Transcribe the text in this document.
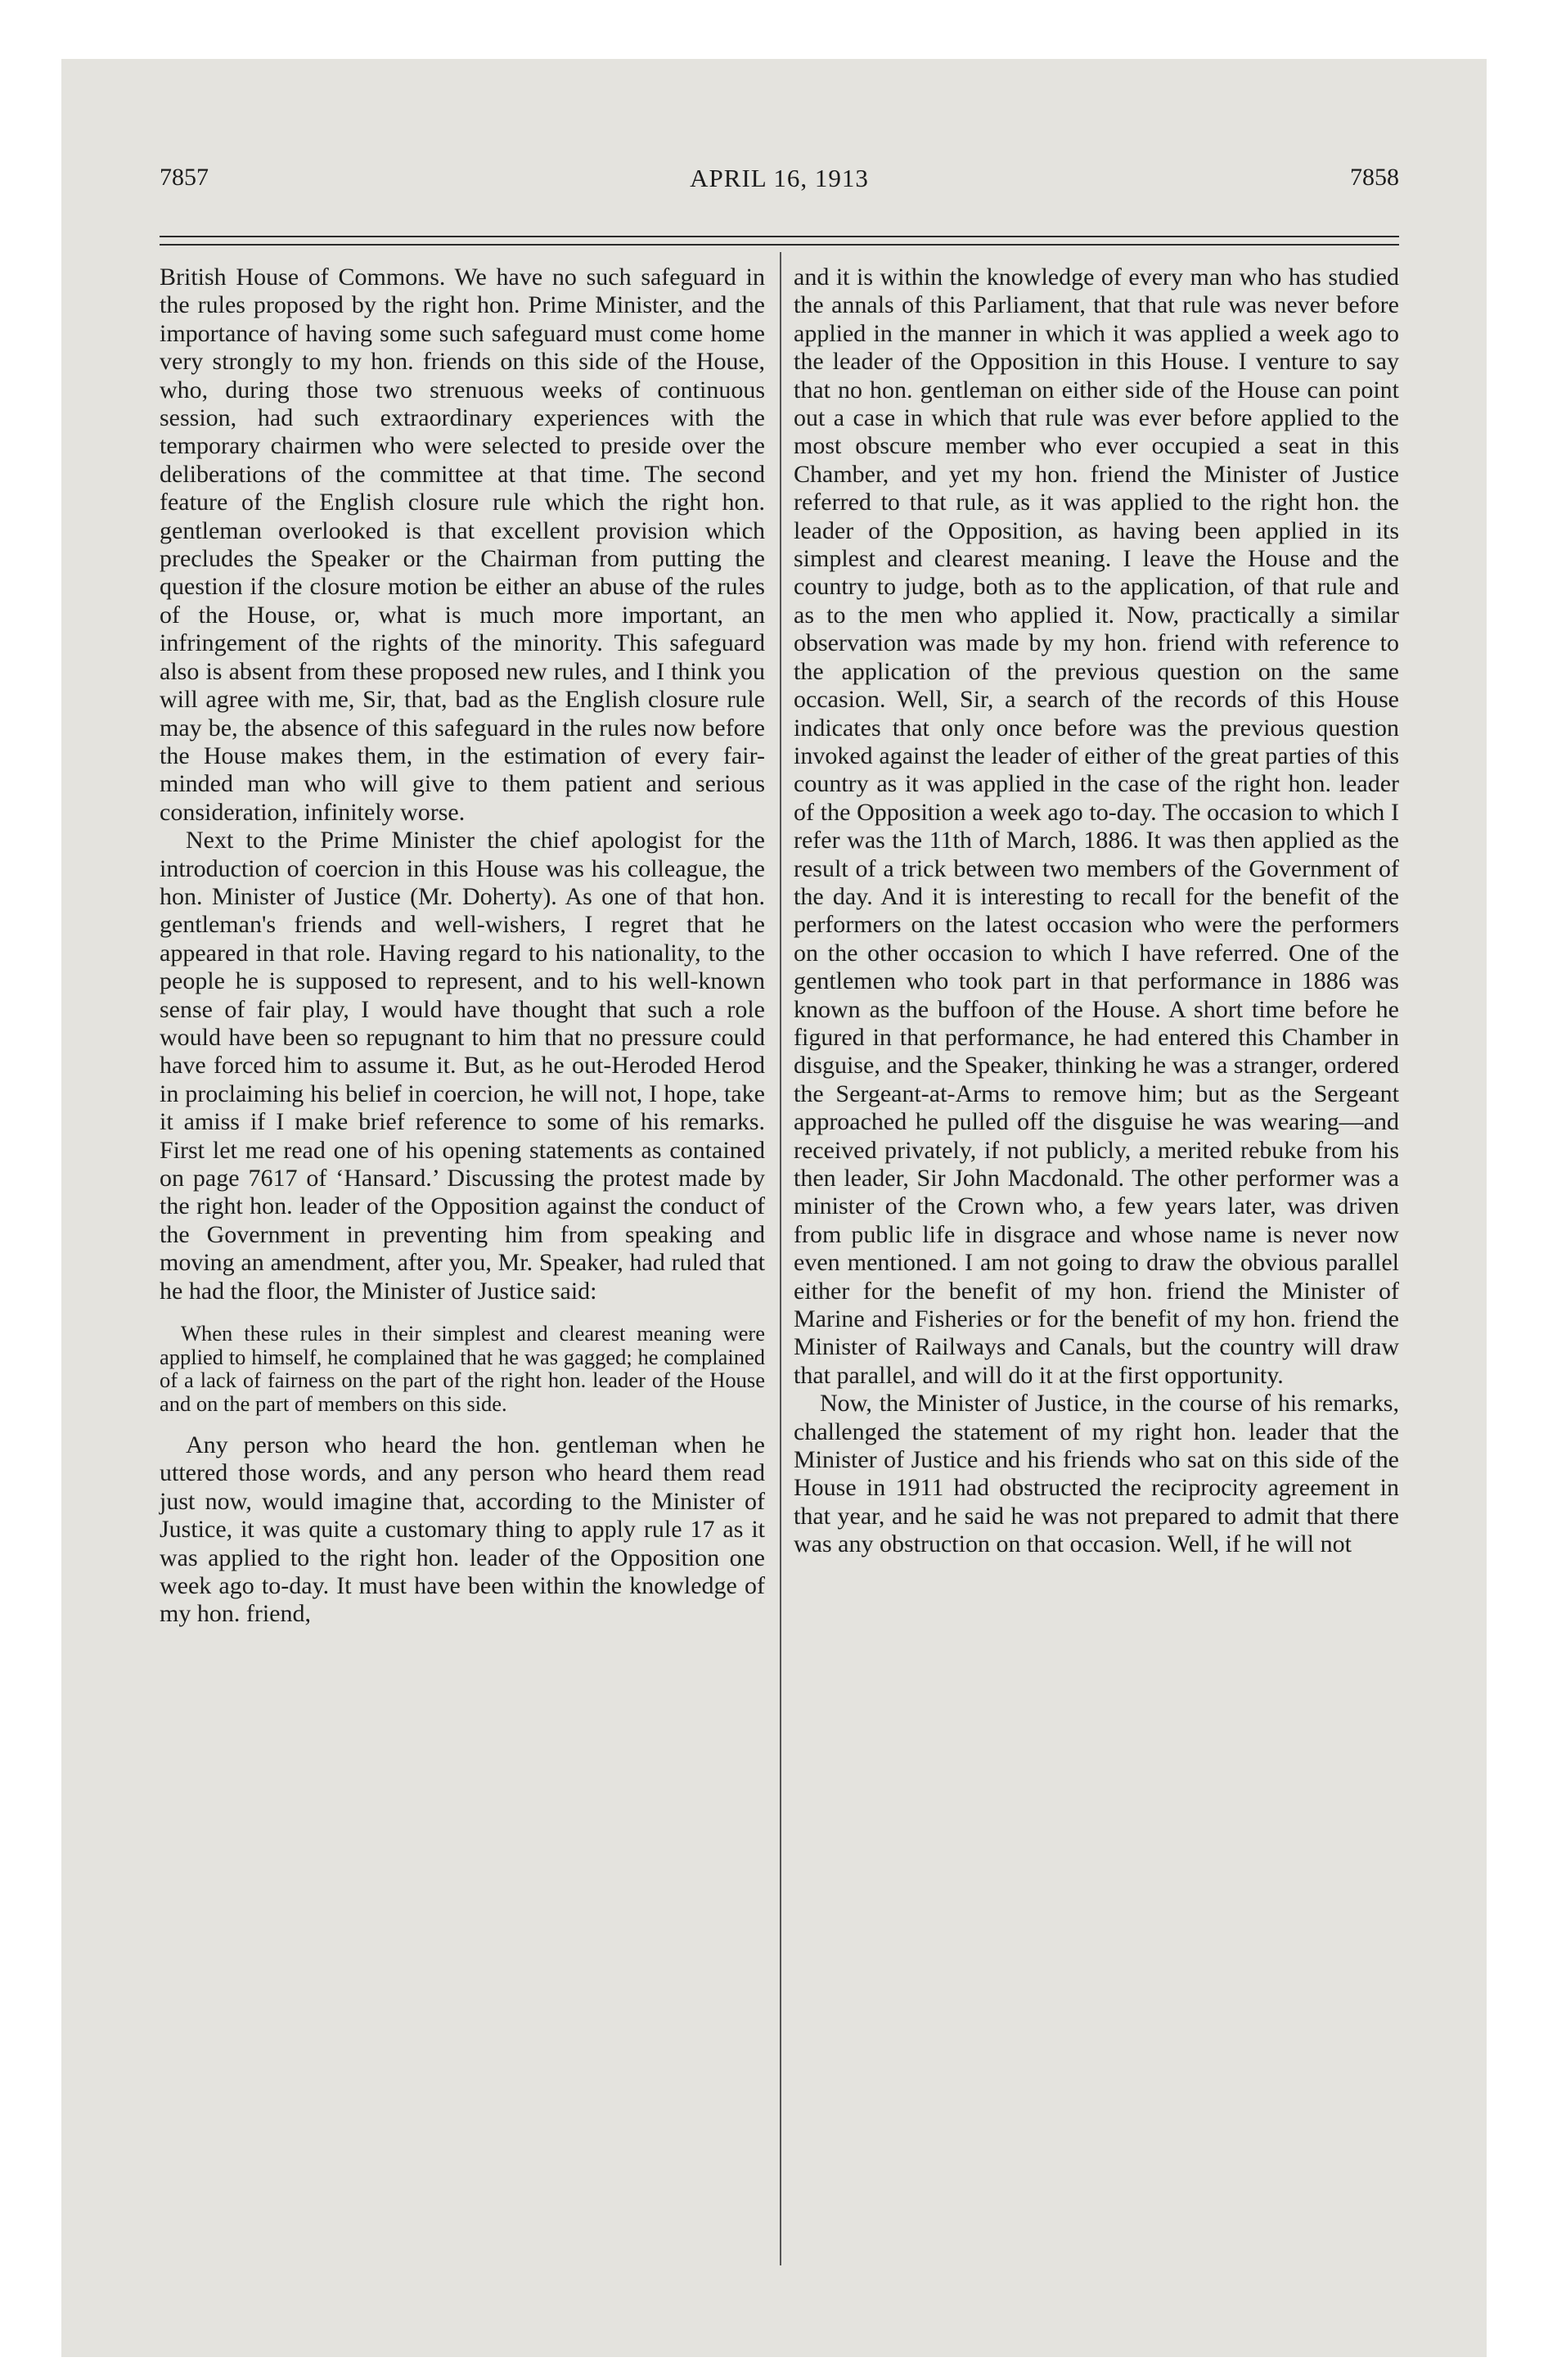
7857	APRIL 16, 1913	7858

British House of Commons. We have no such safeguard in the rules proposed by the right hon. Prime Minister, and the importance of having some such safeguard must come home very strongly to my hon. friends on this side of the House, who, during those two strenuous weeks of continuous session, had such extraordinary experiences with the temporary chairmen who were selected to preside over the deliberations of the committee at that time. The second feature of the English closure rule which the right hon. gentleman overlooked is that excellent provision which precludes the Speaker or the Chairman from putting the question if the closure motion be either an abuse of the rules of the House, or, what is much more important, an infringement of the rights of the minority. This safeguard also is absent from these proposed new rules, and I think you will agree with me, Sir, that, bad as the English closure rule may be, the absence of this safeguard in the rules now before the House makes them, in the estimation of every fair-minded man who will give to them patient and serious consideration, infinitely worse.

Next to the Prime Minister the chief apologist for the introduction of coercion in this House was his colleague, the hon. Minister of Justice (Mr. Doherty). As one of that hon. gentleman's friends and well-wishers, I regret that he appeared in that role. Having regard to his nationality, to the people he is supposed to represent, and to his well-known sense of fair play, I would have thought that such a role would have been so repugnant to him that no pressure could have forced him to assume it. But, as he out-Heroded Herod in proclaiming his belief in coercion, he will not, I hope, take it amiss if I make brief reference to some of his remarks. First let me read one of his opening statements as contained on page 7617 of ‘Hansard.’ Discussing the protest made by the right hon. leader of the Opposition against the conduct of the Government in preventing him from speaking and moving an amendment, after you, Mr. Speaker, had ruled that he had the floor, the Minister of Justice said:

When these rules in their simplest and clearest meaning were applied to himself, he complained that he was gagged; he complained of a lack of fairness on the part of the right hon. leader of the House and on the part of members on this side.

Any person who heard the hon. gentleman when he uttered those words, and any person who heard them read just now, would imagine that, according to the Minister of Justice, it was quite a customary thing to apply rule 17 as it was applied to the right hon. leader of the Opposition one week ago to-day. It must have been within the knowledge of my hon. friend,

and it is within the knowledge of every man who has studied the annals of this Parliament, that that rule was never before applied in the manner in which it was applied a week ago to the leader of the Opposition in this House. I venture to say that no hon. gentleman on either side of the House can point out a case in which that rule was ever before applied to the most obscure member who ever occupied a seat in this Chamber, and yet my hon. friend the Minister of Justice referred to that rule, as it was applied to the right hon. the leader of the Opposition, as having been applied in its simplest and clearest meaning. I leave the House and the country to judge, both as to the application, of that rule and as to the men who applied it. Now, practically a similar observation was made by my hon. friend with reference to the application of the previous question on the same occasion. Well, Sir, a search of the records of this House indicates that only once before was the previous question invoked against the leader of either of the great parties of this country as it was applied in the case of the right hon. leader of the Opposition a week ago to-day. The occasion to which I refer was the 11th of March, 1886. It was then applied as the result of a trick between two members of the Government of the day. And it is interesting to recall for the benefit of the performers on the latest occasion who were the performers on the other occasion to which I have referred. One of the gentlemen who took part in that performance in 1886 was known as the buffoon of the House. A short time before he figured in that performance, he had entered this Chamber in disguise, and the Speaker, thinking he was a stranger, ordered the Sergeant-at-Arms to remove him; but as the Sergeant approached he pulled off the disguise he was wearing—and received privately, if not publicly, a merited rebuke from his then leader, Sir John Macdonald. The other performer was a minister of the Crown who, a few years later, was driven from public life in disgrace and whose name is never now even mentioned. I am not going to draw the obvious parallel either for the benefit of my hon. friend the Minister of Marine and Fisheries or for the benefit of my hon. friend the Minister of Railways and Canals, but the country will draw that parallel, and will do it at the first opportunity.

Now, the Minister of Justice, in the course of his remarks, challenged the statement of my right hon. leader that the Minister of Justice and his friends who sat on this side of the House in 1911 had obstructed the reciprocity agreement in that year, and he said he was not prepared to admit that there was any obstruction on that occasion. Well, if he will not
